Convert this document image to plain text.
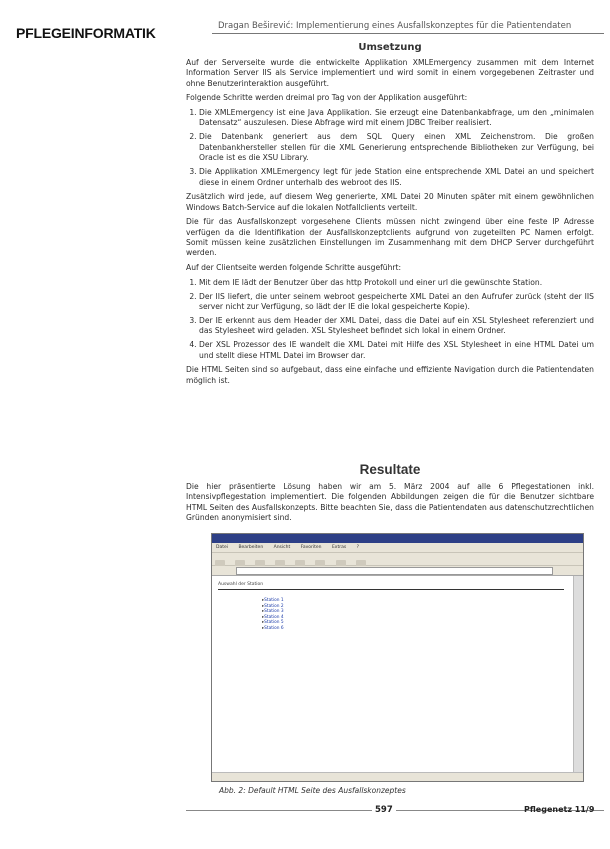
PFLEGEINFORMATIK	Dragan Beširević: Implementierung eines Ausfallskonzeptes für die Patientendaten
Umsetzung

Auf der Serverseite wurde die entwickelte Applikation XMLEmergency zusammen mit dem Internet Information Server IIS als Service implementiert und wird somit in einem vorgegebenen Zeitraster und ohne Benutzerinteraktion ausgeführt.

Folgende Schritte werden dreimal pro Tag von der Applikation ausgeführt:

1. Die XMLEmergency ist eine Java Applikation. Sie erzeugt eine Datenbankabfrage, um den „minimalen Datensatz“ auszulesen. Diese Abfrage wird mit einem JDBC Treiber realisiert.
2. Die Datenbank generiert aus dem SQL Query einen XML Zeichenstrom. Die großen Datenbankhersteller stellen für die XML Generierung entsprechende Bibliotheken zur Verfügung, bei Oracle ist es die XSU Library.
3. Die Applikation XMLEmergency legt für jede Station eine entsprechende XML Datei an und speichert diese in einem Ordner unterhalb des webroot des IIS.

Zusätzlich wird jede, auf diesem Weg generierte, XML Datei 20 Minuten später mit einem gewöhnlichen Windows Batch-Service auf die lokalen Notfallclients verteilt.

Die für das Ausfallskonzept vorgesehene Clients müssen nicht zwingend über eine feste IP Adresse verfügen da die Identifikation der Ausfallskonzeptclients aufgrund von zugeteilten PC Namen erfolgt. Somit müssen keine zusätzlichen Einstellungen im Zusammenhang mit dem DHCP Server durchgeführt werden.

Auf der Clientseite werden folgende Schritte ausgeführt:

1. Mit dem IE lädt der Benutzer über das http Protokoll und einer url die gewünschte Station.
2. Der IIS liefert, die unter seinem webroot gespeicherte XML Datei an den Aufrufer zurück (steht der IIS server nicht zur Verfügung, so lädt der IE die lokal gespeicherte Kopie).
3. Der IE erkennt aus dem Header der XML Datei, dass die Datei auf ein XSL Stylesheet referenziert und das Stylesheet wird geladen. XSL Stylesheet befindet sich lokal in einem Ordner.
4. Der XSL Prozessor des IE wandelt die XML Datei mit Hilfe des XSL Stylesheet in eine HTML Datei um und stellt diese HTML Datei im Browser dar.

Die HTML Seiten sind so aufgebaut, dass eine einfache und effiziente Navigation durch die Patientendaten möglich ist.

Resultate

Die hier präsentierte Lösung haben wir am 5. März 2004 auf alle 6 Pflegestationen inkl. Intensivpflegestation implementiert. Die folgenden Abbildungen zeigen die für die Benutzer sichtbare HTML Seiten des Ausfallskonzepts. Bitte beachten Sie, dass die Patientendaten aus datenschutzrechtlichen Gründen anonymisiert sind.

Datei Bearbeiten Ansicht Favoriten Extras ?

Auswahl der Station
▸ Station 1
▸ Station 2
▸ Station 3
▸ Station 4
▸ Station 5
▸ Station 6
Abb. 2: Default HTML Seite des Ausfallskonzeptes
597	Pflegenetz 11/9
